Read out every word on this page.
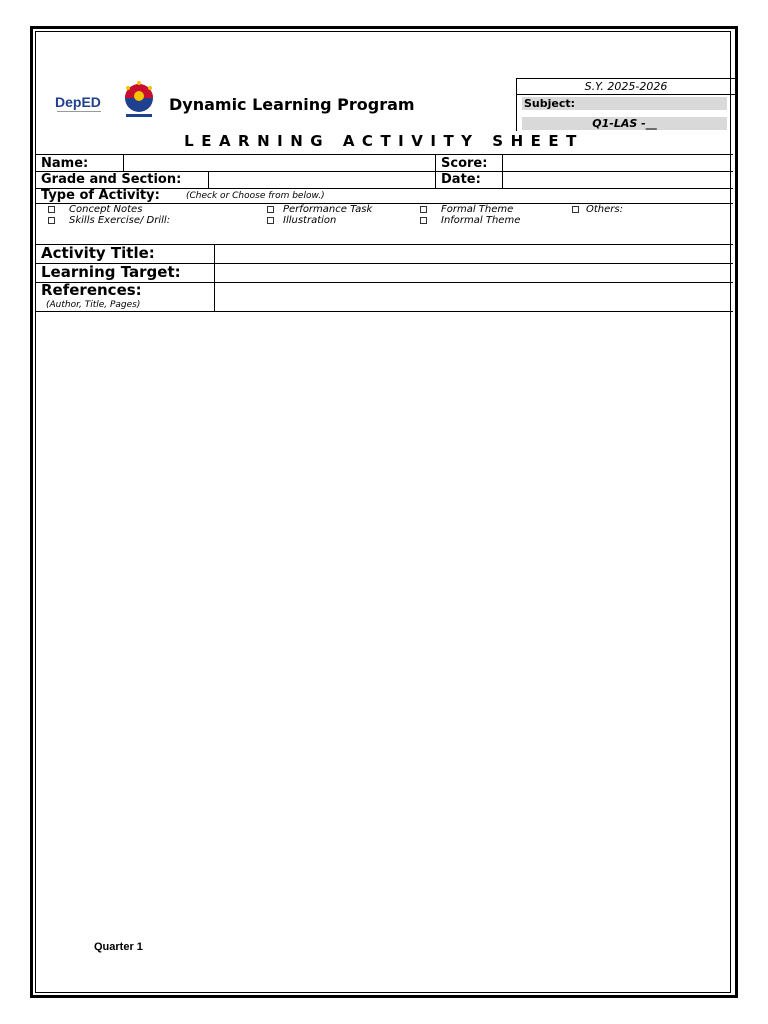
DepED	Dynamic Learning Program
S.Y. 2025-2026
Subject:
Q1-LAS -__
LEARNING ACTIVITY SHEET
Name:	Score:
Grade and Section:	Date:
Type of Activity:	(Check or Choose from below.)
Concept Notes
Skills Exercise/ Drill:
Performance Task
Illustration
Formal Theme
Informal Theme
Others:
Activity Title:
Learning Target:
References:
(Author, Title, Pages)
Quarter 1
